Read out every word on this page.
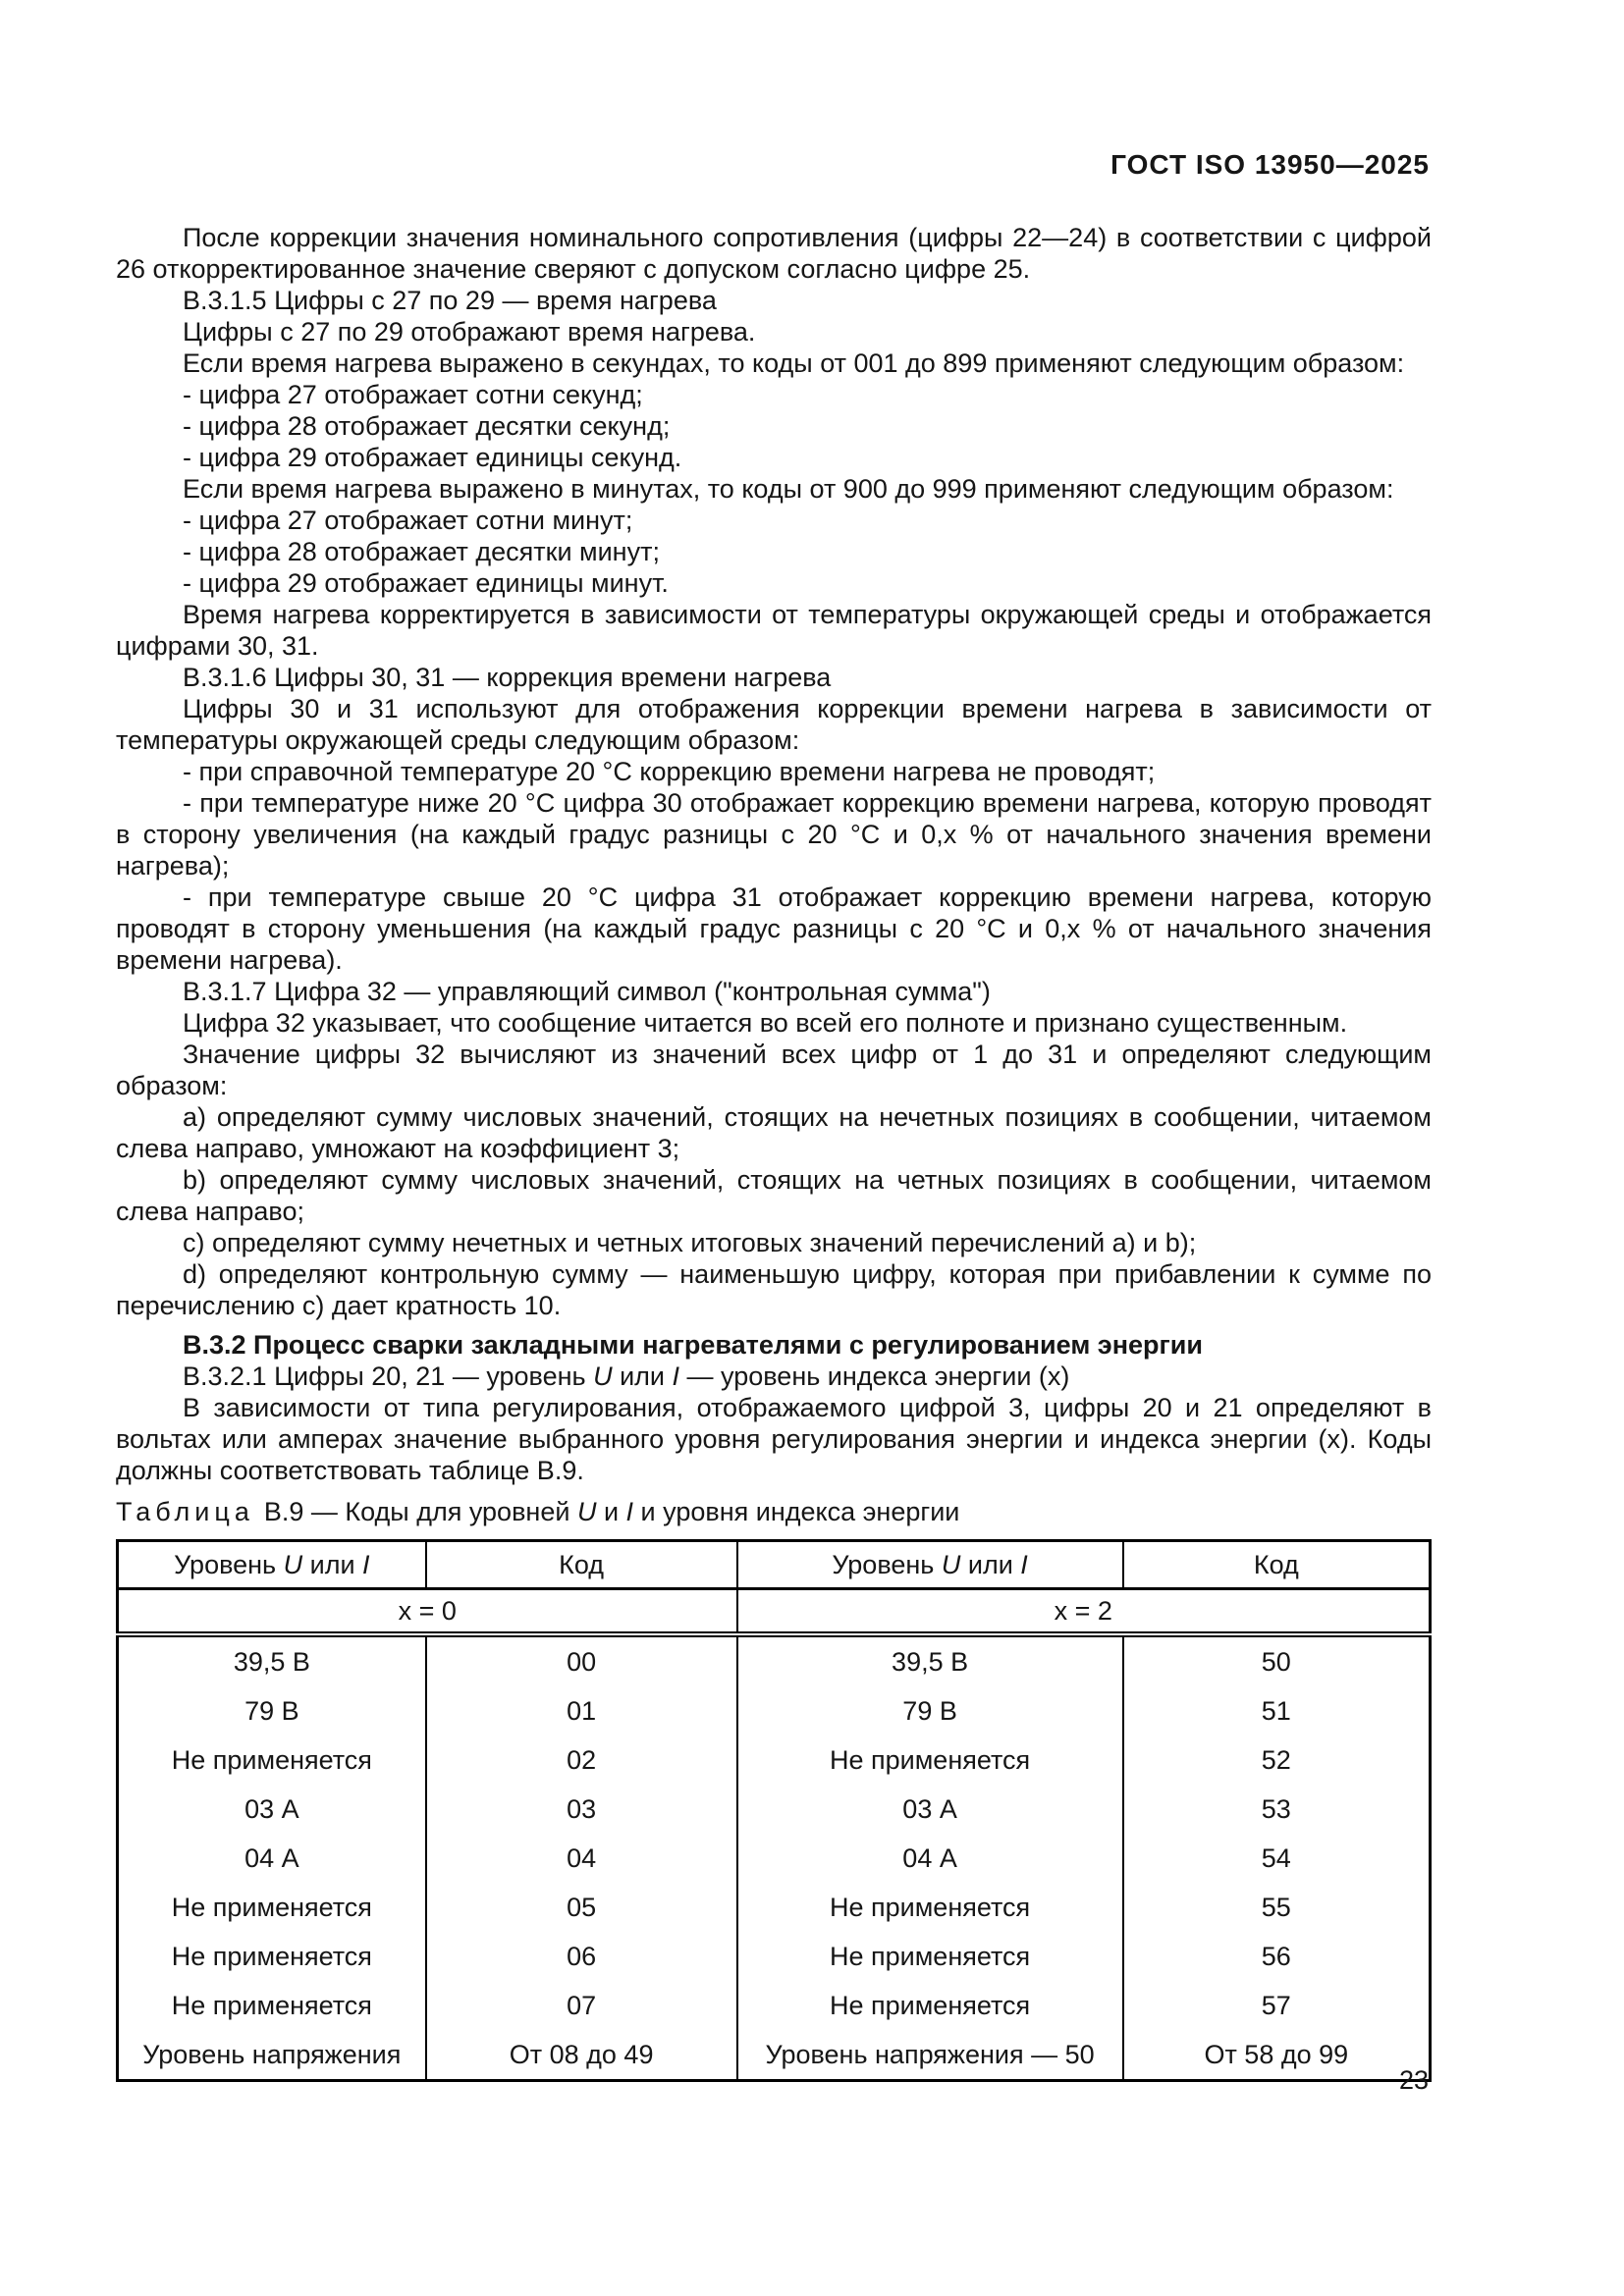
ГОСТ ISO 13950—2025

После коррекции значения номинального сопротивления (цифры 22—24) в соответствии с цифрой 26 откорректированное значение сверяют с допуском согласно цифре 25.

В.3.1.5 Цифры с 27 по 29 — время нагрева

Цифры с 27 по 29 отображают время нагрева.

Если время нагрева выражено в секундах, то коды от 001 до 899 применяют следующим образом:

- цифра 27 отображает сотни секунд;

- цифра 28 отображает десятки секунд;

- цифра 29 отображает единицы секунд.

Если время нагрева выражено в минутах, то коды от 900 до 999 применяют следующим образом:

- цифра 27 отображает сотни минут;

- цифра 28 отображает десятки минут;

- цифра 29 отображает единицы минут.

Время нагрева корректируется в зависимости от температуры окружающей среды и отображается цифрами 30, 31.

В.3.1.6 Цифры 30, 31 — коррекция времени нагрева

Цифры 30 и 31 используют для отображения коррекции времени нагрева в зависимости от температуры окружающей среды следующим образом:

- при справочной температуре 20 °С коррекцию времени нагрева не проводят;

- при температуре ниже 20 °С цифра 30 отображает коррекцию времени нагрева, которую проводят в сторону увеличения (на каждый градус разницы с 20 °С и 0,x % от начального значения времени нагрева);

- при температуре свыше 20 °С цифра 31 отображает коррекцию времени нагрева, которую проводят в сторону уменьшения (на каждый градус разницы с 20 °С и 0,x % от начального значения времени нагрева).

В.3.1.7 Цифра 32 — управляющий символ ("контрольная сумма")

Цифра 32 указывает, что сообщение читается во всей его полноте и признано существенным.

Значение цифры 32 вычисляют из значений всех цифр от 1 до 31 и определяют следующим образом:

a) определяют сумму числовых значений, стоящих на нечетных позициях в сообщении, читаемом слева направо, умножают на коэффициент 3;

b) определяют сумму числовых значений, стоящих на четных позициях в сообщении, читаемом слева направо;

c) определяют сумму нечетных и четных итоговых значений перечислений a) и b);

d) определяют контрольную сумму — наименьшую цифру, которая при прибавлении к сумме по перечислению c) дает кратность 10.

В.3.2 Процесс сварки закладными нагревателями с регулированием энергии

В.3.2.1 Цифры 20, 21 — уровень U или I — уровень индекса энергии (x)

В зависимости от типа регулирования, отображаемого цифрой 3, цифры 20 и 21 определяют в вольтах или амперах значение выбранного уровня регулирования энергии и индекса энергии (x). Коды должны соответствовать таблице В.9.

Таблица В.9 — Коды для уровней U и I и уровня индекса энергии
Уровень U или I	Код	Уровень U или I	Код
x = 0		x = 2	
39,5 В	00	39,5 В	50
79 В	01	79 В	51
Не применяется	02	Не применяется	52
03 А	03	03 А	53
04 А	04	04 А	54
Не применяется	05	Не применяется	55
Не применяется	06	Не применяется	56
Не применяется	07	Не применяется	57
Уровень напряжения	От 08 до 49	Уровень напряжения — 50	От 58 до 99
23
